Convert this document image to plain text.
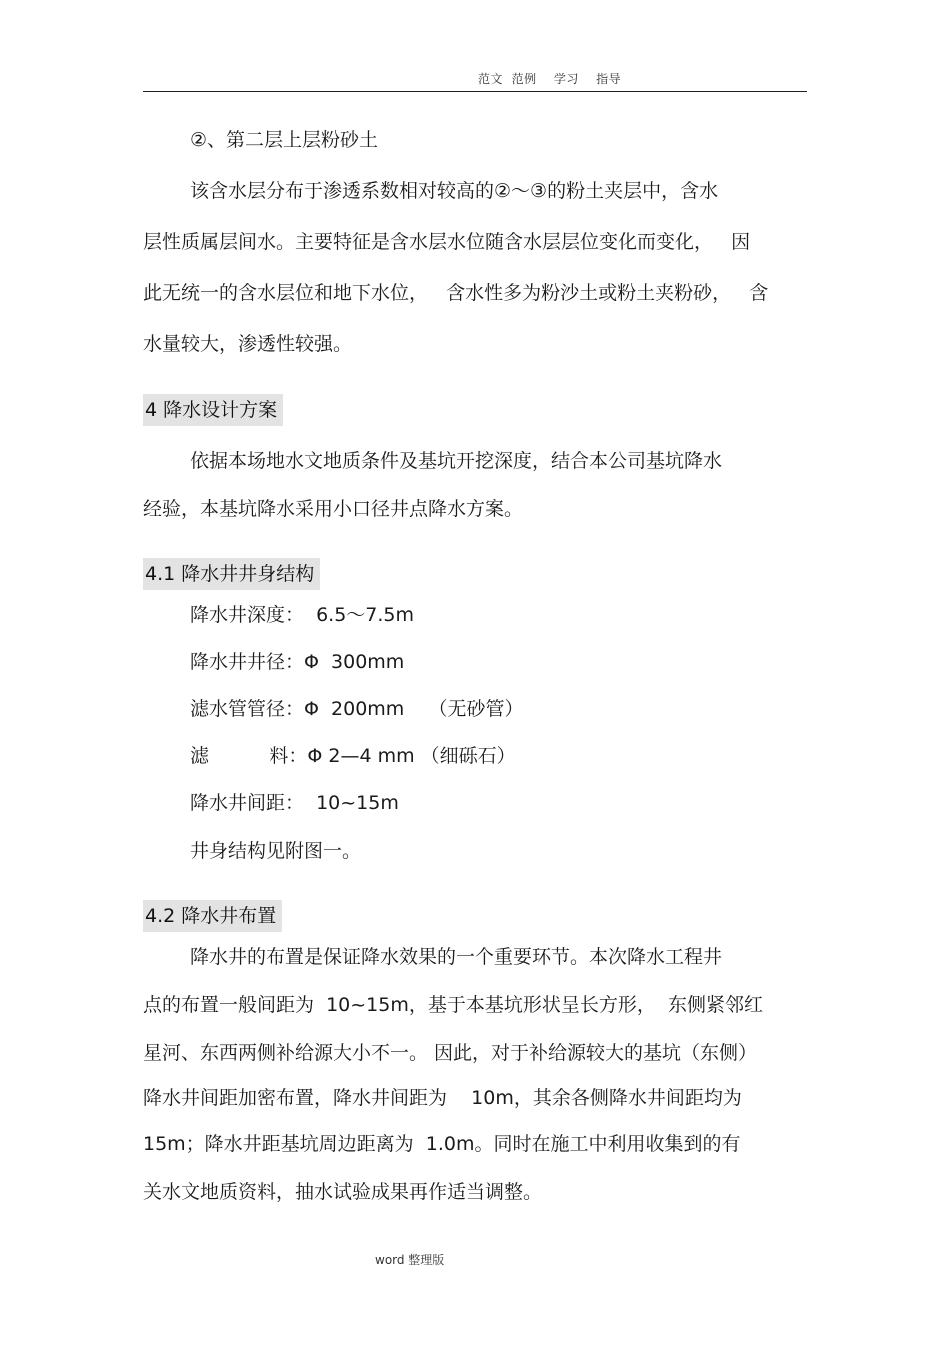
范文  范例    学习    指导
②、第二层上层粉砂土
该含水层分布于渗透系数相对较高的②～③的粉土夹层中，含水
层性质属层间水。主要特征是含水层水位随含水层层位变化而变化，   因
此无统一的含水层位和地下水位，   含水性多为粉沙土或粉土夹粉砂，   含
水量较大，渗透性较强。
4 降水设计方案
依据本场地水文地质条件及基坑开挖深度，结合本公司基坑降水
经验，本基坑降水采用小口径井点降水方案。
4.1 降水井井身结构
降水井深度：  6.5～7.5m
降水井井径：Φ  300mm
滤水管管径：Φ  200mm    （无砂管）
滤          料：Φ 2—4 mm （细砾石）
降水井间距：  10~15m
井身结构见附图一。
4.2 降水井布置
降水井的布置是保证降水效果的一个重要环节。本次降水工程井
点的布置一般间距为  10~15m，基于本基坑形状呈长方形，  东侧紧邻红
星河、东西两侧补给源大小不一。 因此，对于补给源较大的基坑（东侧）
降水井间距加密布置，降水井间距为    10m，其余各侧降水井间距均为
15m；降水井距基坑周边距离为  1.0m。同时在施工中利用收集到的有
关水文地质资料，抽水试验成果再作适当调整。
word 整理版
